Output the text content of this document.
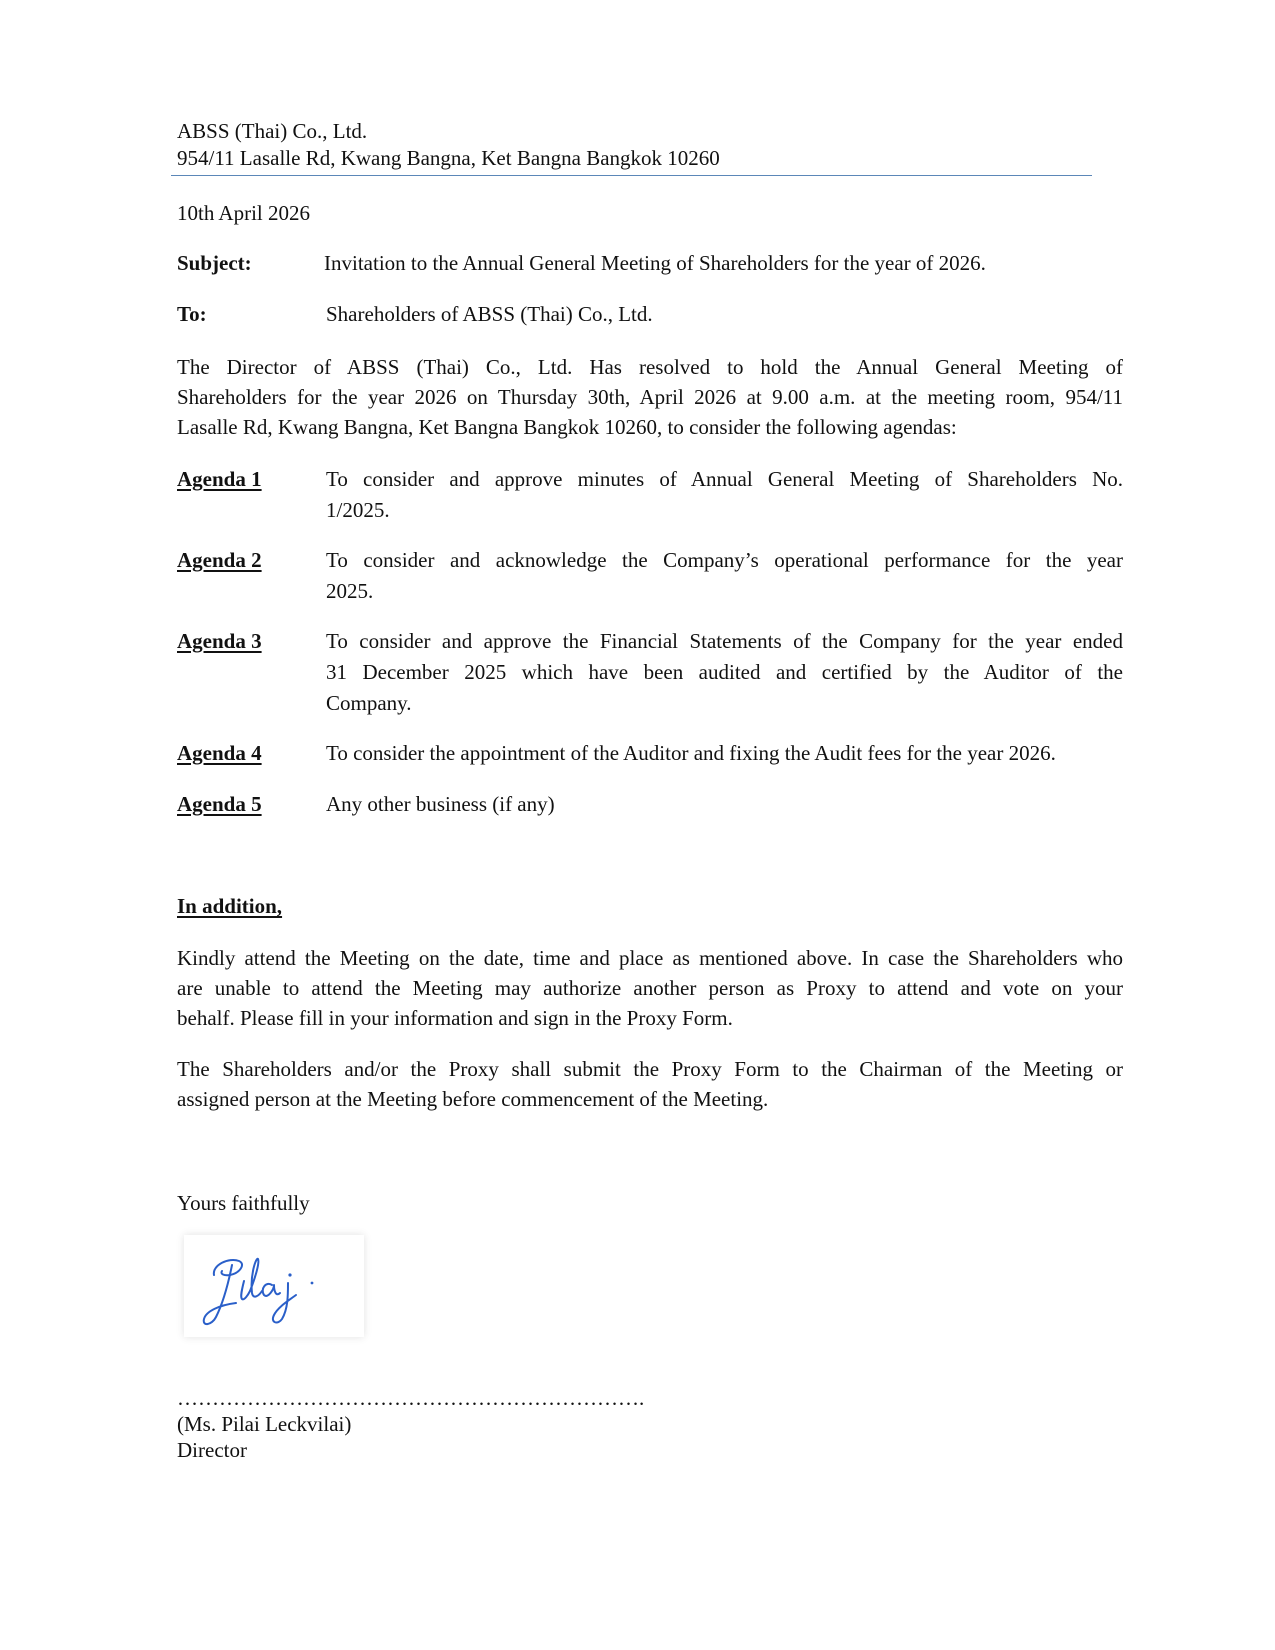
ABSS (Thai) Co., Ltd.
954/11 Lasalle Rd, Kwang Bangna, Ket Bangna Bangkok 10260
10th April 2026
Subject:	Invitation to the Annual General Meeting of Shareholders for the year of 2026.
To:	Shareholders of ABSS (Thai) Co., Ltd.
The Director of ABSS (Thai) Co., Ltd. Has resolved to hold the Annual General Meeting of
Shareholders for the year 2026 on Thursday 30th, April 2026 at 9.00 a.m. at the meeting room, 954/11
Lasalle Rd, Kwang Bangna, Ket Bangna Bangkok 10260, to consider the following agendas:
Agenda 1	To consider and approve minutes of Annual General Meeting of Shareholders No.
1/2025.
Agenda 2	To consider and acknowledge the Company’s operational performance for the year
2025.
Agenda 3	To consider and approve the Financial Statements of the Company for the year ended
31 December 2025 which have been audited and certified by the Auditor of the
Company.
Agenda 4	To consider the appointment of the Auditor and fixing the Audit fees for the year 2026.
Agenda 5	Any other business (if any)
In addition,
Kindly attend the Meeting on the date, time and place as mentioned above. In case the Shareholders who
are unable to attend the Meeting may authorize another person as Proxy to attend and vote on your
behalf. Please fill in your information and sign in the Proxy Form.
The Shareholders and/or the Proxy shall submit the Proxy Form to the Chairman of the Meeting or
assigned person at the Meeting before commencement of the Meeting.
Yours faithfully
………………………………………………………….
(Ms. Pilai Leckvilai)
Director
